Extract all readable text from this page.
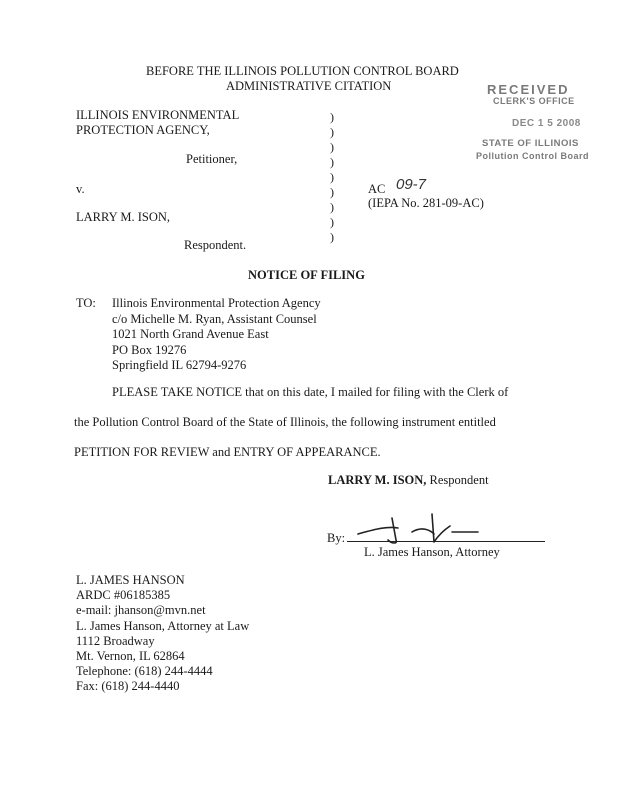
BEFORE THE ILLINOIS POLLUTION CONTROL BOARD
ADMINISTRATIVE CITATION	RECEIVED
CLERK'S OFFICE
DEC 1 5 2008
STATE OF ILLINOIS
Pollution Control Board
ILLINOIS ENVIRONMENTAL
PROTECTION AGENCY,
Petitioner,
v.
LARRY M. ISON,
Respondent.
)
)
)
)
)
)
)
)
)
AC 09-7
(IEPA No. 281-09-AC)
NOTICE OF FILING
TO: Illinois Environmental Protection Agency
c/o Michelle M. Ryan, Assistant Counsel
1021 North Grand Avenue East
PO Box 19276
Springfield IL 62794-9276
PLEASE TAKE NOTICE that on this date, I mailed for filing with the Clerk of
the Pollution Control Board of the State of Illinois, the following instrument entitled
PETITION FOR REVIEW and ENTRY OF APPEARANCE.
LARRY M. ISON, Respondent
By:
L. James Hanson, Attorney
L. JAMES HANSON
ARDC #06185385
e-mail: jhanson@mvn.net
L. James Hanson, Attorney at Law
1112 Broadway
Mt. Vernon, IL 62864
Telephone: (618) 244-4444
Fax: (618) 244-4440
